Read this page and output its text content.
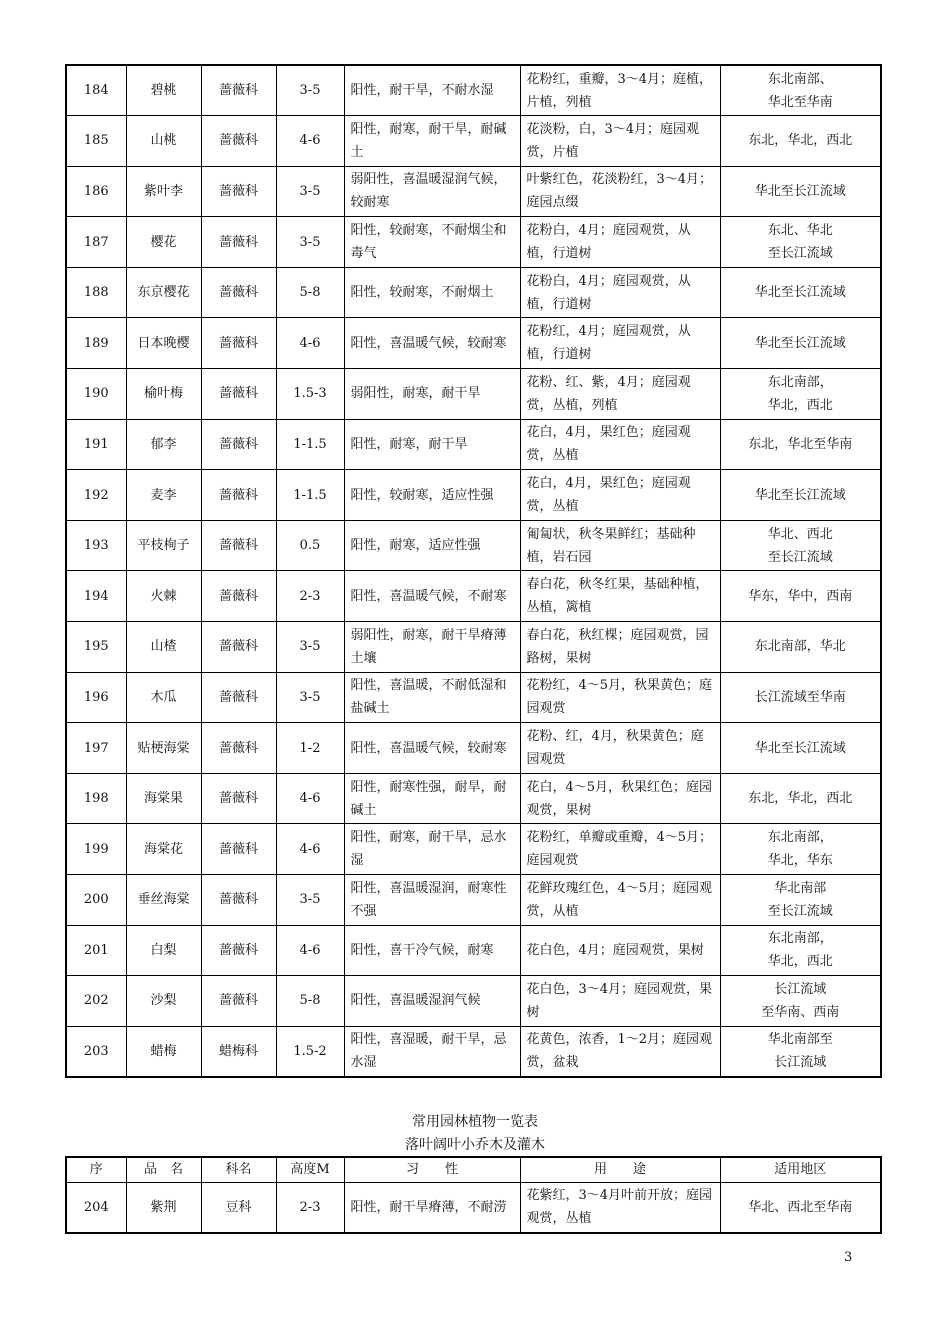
184	碧桃	蔷薇科	3-5	阳性，耐干旱，不耐水湿	花粉红，重瓣，3～4月；庭植，片植，列植	东北南部、
华北至华南
185	山桃	蔷薇科	4-6	阳性，耐寒，耐干旱，耐碱土	花淡粉，白，3～4月；庭园观赏，片植	东北，华北，西北
186	紫叶李	蔷薇科	3-5	弱阳性，喜温暖湿润气候，较耐寒	叶紫红色，花淡粉红，3～4月；庭园点缀	华北至长江流域
187	樱花	蔷薇科	3-5	阳性，较耐寒，不耐烟尘和毒气	花粉白，4月；庭园观赏，从植，行道树	东北、华北
至长江流域
188	东京樱花	蔷薇科	5-8	阳性，较耐寒，不耐烟土	花粉白，4月；庭园观赏，从植，行道树	华北至长江流域
189	日本晚樱	蔷薇科	4-6	阳性，喜温暖气候，较耐寒	花粉红，4月；庭园观赏，从植，行道树	华北至长江流域
190	榆叶梅	蔷薇科	1.5-3	弱阳性，耐寒，耐干旱	花粉、红、紫，4月；庭园观赏，丛植，列植	东北南部，
华北，西北
191	郁李	蔷薇科	1-1.5	阳性，耐寒，耐干旱	花白，4月，果红色；庭园观赏，丛植	东北，华北至华南
192	麦李	蔷薇科	1-1.5	阳性，较耐寒，适应性强	花白，4月，果红色；庭园观赏，丛植	华北至长江流域
193	平枝栒子	蔷薇科	0.5	阳性，耐寒，适应性强	匍匐状，秋冬果鲜红；基础种植，岩石园	华北、西北
至长江流域
194	火棘	蔷薇科	2-3	阳性，喜温暖气候，不耐寒	春白花，秋冬红果，基础种植，丛植，篱植	华东，华中，西南
195	山楂	蔷薇科	3-5	弱阳性，耐寒，耐干旱瘠薄土壤	春白花，秋红棵；庭园观赏，园路树，果树	东北南部，华北
196	木瓜	蔷薇科	3-5	阳性，喜温暖，不耐低湿和盐碱土	花粉红，4～5月，秋果黄色；庭园观赏	长江流域至华南
197	贴梗海棠	蔷薇科	1-2	阳性，喜温暖气候，较耐寒	花粉、红，4月，秋果黄色；庭园观赏	华北至长江流域
198	海棠果	蔷薇科	4-6	阳性，耐寒性强，耐旱，耐碱土	花白，4～5月，秋果红色；庭园观赏，果树	东北，华北，西北
199	海棠花	蔷薇科	4-6	阳性，耐寒，耐干旱，忌水湿	花粉红，单瓣或重瓣，4～5月；庭园观赏	东北南部，
华北，华东
200	垂丝海棠	蔷薇科	3-5	阳性，喜温暖湿润，耐寒性不强	花鲜玫瑰红色，4～5月；庭园观赏，从植	华北南部
至长江流域
201	白梨	蔷薇科	4-6	阳性，喜干冷气候，耐寒	花白色，4月；庭园观赏，果树	东北南部，
华北，西北
202	沙梨	蔷薇科	5-8	阳性，喜温暖湿润气候	花白色，3～4月；庭园观赏，果树	长江流域
至华南、西南
203	蜡梅	蜡梅科	1.5-2	阳性，喜湿暖，耐干旱，忌水湿	花黄色，浓香，1～2月；庭园观赏，盆栽	华北南部至
长江流域
常用园林植物一览表
落叶阔叶小乔木及灌木
序	品　名	科名	高度M	习　　性	用　　途	适用地区
204	紫荆	豆科	2-3	阳性，耐干旱瘠薄，不耐涝	花紫红，3～4月叶前开放；庭园观赏，丛植	华北、西北至华南
3
